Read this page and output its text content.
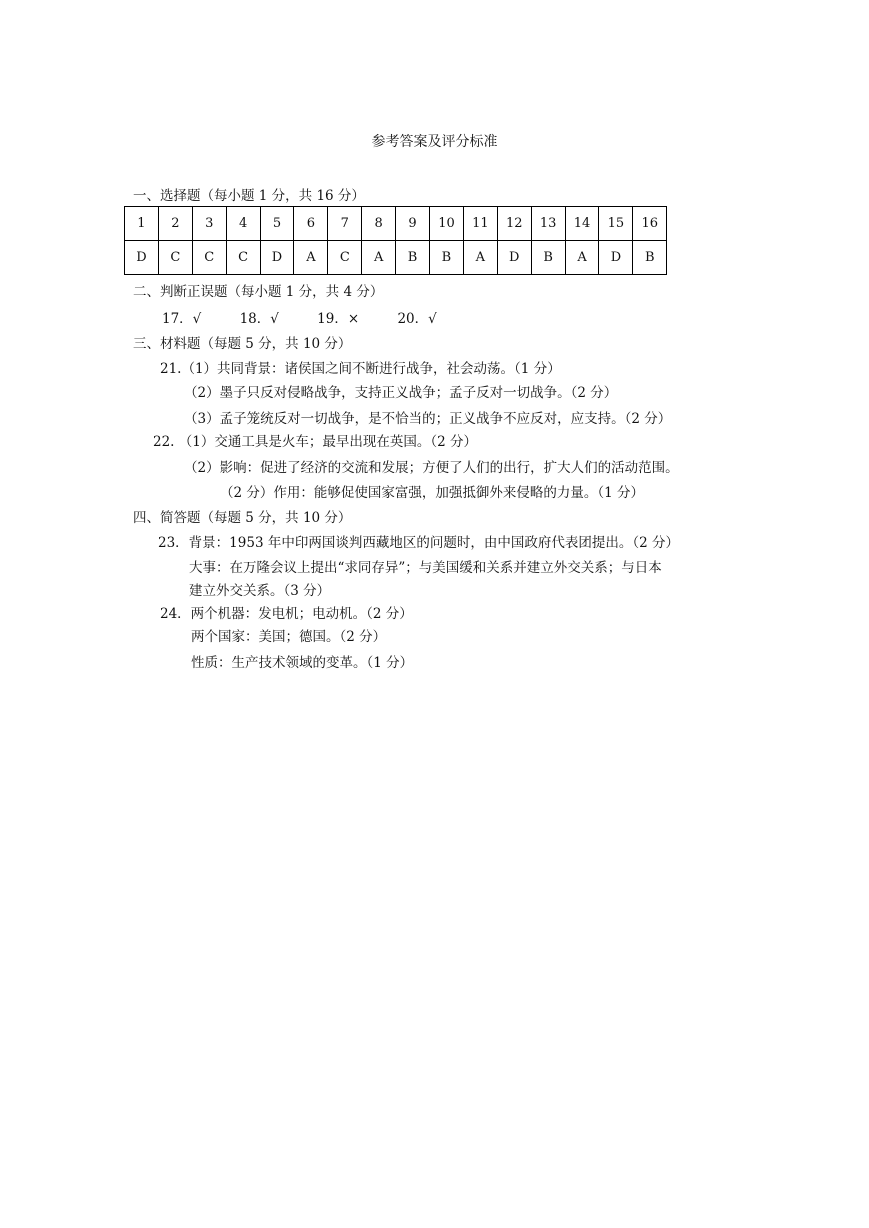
参考答案及评分标准
一、选择题（每小题 1 分，共 16 分）
1	2	3	4	5	6	7	8	9	10	11	12	13	14	15	16
D	C	C	C	D	A	C	A	B	B	A	D	B	A	D	B
二、判断正误题（每小题 1 分，共 4 分）
17．√	18．√	19．×	20．√
三、材料题（每题 5 分，共 10 分）
21.（1）共同背景：诸侯国之间不断进行战争，社会动荡。（1 分）
（2）墨子只反对侵略战争，支持正义战争；孟子反对一切战争。（2 分）
（3）孟子笼统反对一切战争，是不恰当的；正义战争不应反对，应支持。（2 分）
22. （1）交通工具是火车；最早出现在英国。（2 分）
（2）影响：促进了经济的交流和发展；方便了人们的出行，扩大人们的活动范围。
（2 分）作用：能够促使国家富强，加强抵御外来侵略的力量。（1 分）
四、简答题（每题 5 分，共 10 分）
23．背景：1953 年中印两国谈判西藏地区的问题时，由中国政府代表团提出。（2 分）
大事：在万隆会议上提出“求同存异”；与美国缓和关系并建立外交关系；与日本
建立外交关系。（3 分）
24．两个机器：发电机；电动机。（2 分）
两个国家：美国；德国。（2 分）
性质：生产技术领域的变革。（1 分）
